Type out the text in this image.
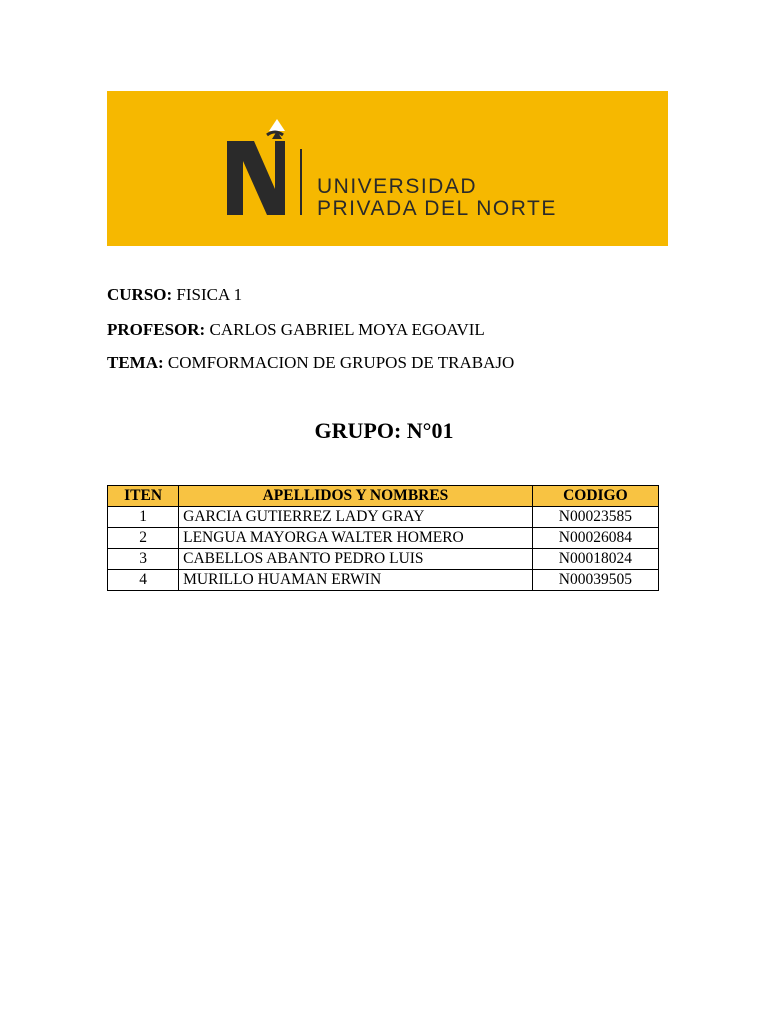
UNIVERSIDAD
PRIVADA DEL NORTE
CURSO: FISICA 1
PROFESOR: CARLOS GABRIEL MOYA EGOAVIL
TEMA: COMFORMACION DE GRUPOS DE TRABAJO
GRUPO: N°01
ITEN	APELLIDOS Y NOMBRES	CODIGO
1	GARCIA GUTIERREZ LADY GRAY	N00023585
2	LENGUA MAYORGA WALTER HOMERO	N00026084
3	CABELLOS ABANTO PEDRO LUIS	N00018024
4	MURILLO HUAMAN ERWIN	N00039505
